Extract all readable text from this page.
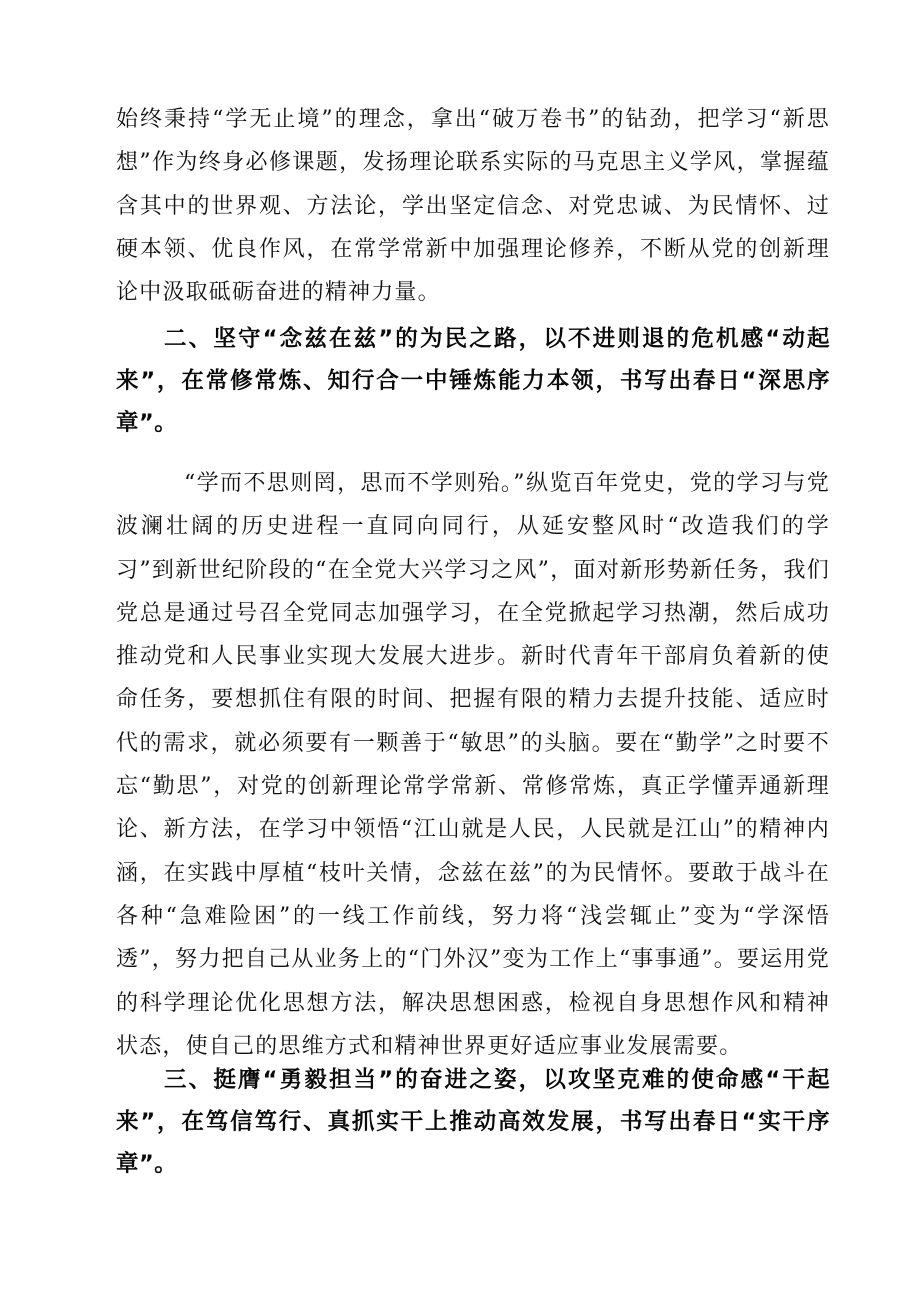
始终秉持“学无止境”的理念，拿出“破万卷书”的钻劲，把学习“新思想”作为终身必修课题，发扬理论联系实际的马克思主义学风，掌握蕴含其中的世界观、方法论，学出坚定信念、对党忠诚、为民情怀、过硬本领、优良作风，在常学常新中加强理论修养，不断从党的创新理论中汲取砥砺奋进的精神力量。

二、坚守“念兹在兹”的为民之路，以不进则退的危机感“动起来”，在常修常炼、知行合一中锤炼能力本领，书写出春日“深思序章”。

“学而不思则罔，思而不学则殆。”纵览百年党史，党的学习与党波澜壮阔的历史进程一直同向同行，从延安整风时“改造我们的学习”到新世纪阶段的“在全党大兴学习之风”，面对新形势新任务，我们党总是通过号召全党同志加强学习，在全党掀起学习热潮，然后成功推动党和人民事业实现大发展大进步。新时代青年干部肩负着新的使命任务，要想抓住有限的时间、把握有限的精力去提升技能、适应时代的需求，就必须要有一颗善于“敏思”的头脑。要在“勤学”之时要不忘“勤思”，对党的创新理论常学常新、常修常炼，真正学懂弄通新理论、新方法，在学习中领悟“江山就是人民，人民就是江山”的精神内涵，在实践中厚植“枝叶关情，念兹在兹”的为民情怀。要敢于战斗在各种“急难险困”的一线工作前线，努力将“浅尝辄止”变为“学深悟透”，努力把自己从业务上的“门外汉”变为工作上“事事通”。要运用党的科学理论优化思想方法，解决思想困惑，检视自身思想作风和精神状态，使自己的思维方式和精神世界更好适应事业发展需要。

三、挺膺“勇毅担当”的奋进之姿，以攻坚克难的使命感“干起来”，在笃信笃行、真抓实干上推动高效发展，书写出春日“实干序章”。
